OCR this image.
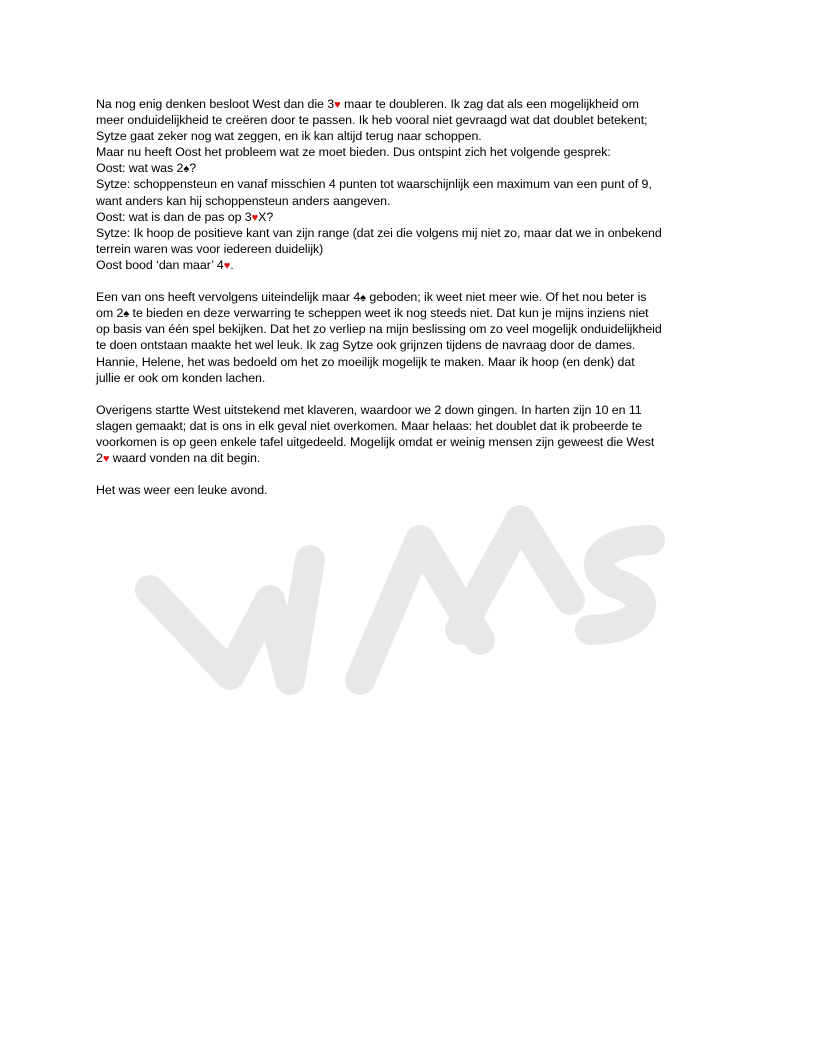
Na nog enig denken besloot West dan die 3♥ maar te doubleren. Ik zag dat als een mogelijkheid om
meer onduidelijkheid te creëren door te passen. Ik heb vooral niet gevraagd wat dat doublet betekent;
Sytze gaat zeker nog wat zeggen, en ik kan altijd terug naar schoppen.
Maar nu heeft Oost het probleem wat ze moet bieden. Dus ontspint zich het volgende gesprek:
Oost: wat was 2♠?
Sytze: schoppensteun en vanaf misschien 4 punten tot waarschijnlijk een maximum van een punt of 9,
want anders kan hij schoppensteun anders aangeven.
Oost: wat is dan de pas op 3♥X?
Sytze: Ik hoop de positieve kant van zijn range (dat zei die volgens mij niet zo, maar dat we in onbekend
terrein waren was voor iedereen duidelijk)
Oost bood ‘dan maar’ 4♥.
Een van ons heeft vervolgens uiteindelijk maar 4♠ geboden; ik weet niet meer wie. Of het nou beter is
om 2♠ te bieden en deze verwarring te scheppen weet ik nog steeds niet. Dat kun je mijns inziens niet
op basis van één spel bekijken. Dat het zo verliep na mijn beslissing om zo veel mogelijk onduidelijkheid
te doen ontstaan maakte het wel leuk. Ik zag Sytze ook grijnzen tijdens de navraag door de dames.
Hannie, Helene, het was bedoeld om het zo moeilijk mogelijk te maken. Maar ik hoop (en denk) dat
jullie er ook om konden lachen.
Overigens startte West uitstekend met klaveren, waardoor we 2 down gingen. In harten zijn 10 en 11
slagen gemaakt; dat is ons in elk geval niet overkomen. Maar helaas: het doublet dat ik probeerde te
voorkomen is op geen enkele tafel uitgedeeld. Mogelijk omdat er weinig mensen zijn geweest die West
2♥ waard vonden na dit begin.
Het was weer een leuke avond.
